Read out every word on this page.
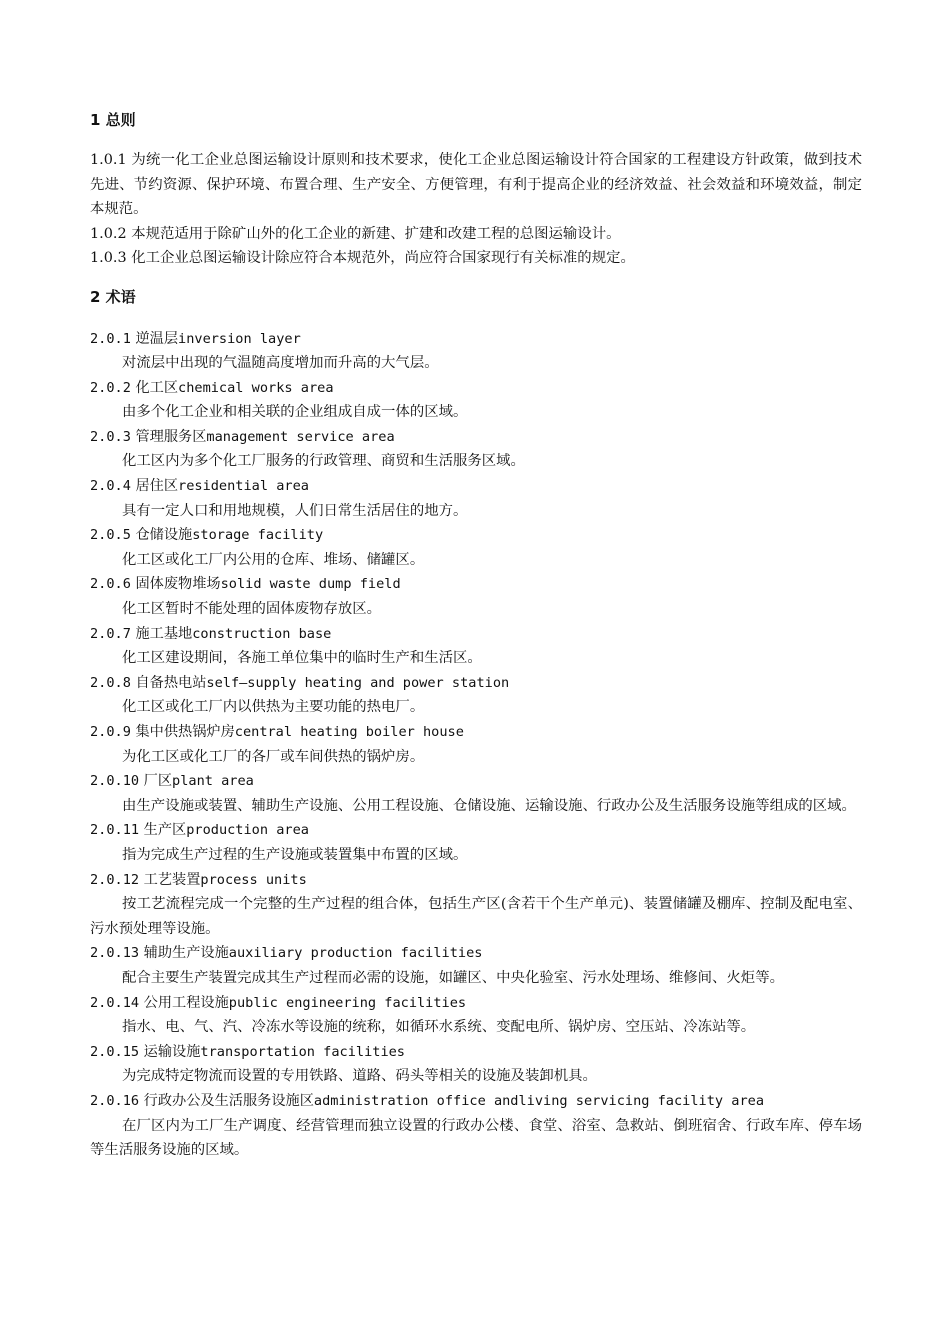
1 总则

1.0.1 为统一化工企业总图运输设计原则和技术要求，使化工企业总图运输设计符合国家的工程建设方针政策，做到技术先进、节约资源、保护环境、布置合理、生产安全、方便管理，有利于提高企业的经济效益、社会效益和环境效益，制定本规范。

1.0.2 本规范适用于除矿山外的化工企业的新建、扩建和改建工程的总图运输设计。

1.0.3 化工企业总图运输设计除应符合本规范外，尚应符合国家现行有关标准的规定。

2 术语

2.0.1 逆温层inversion layer

对流层中出现的气温随高度增加而升高的大气层。

2.0.2 化工区chemical works area

由多个化工企业和相关联的企业组成自成一体的区域。

2.0.3 管理服务区management service area

化工区内为多个化工厂服务的行政管理、商贸和生活服务区域。

2.0.4 居住区residential area

具有一定人口和用地规模，人们日常生活居住的地方。

2.0.5 仓储设施storage facility

化工区或化工厂内公用的仓库、堆场、储罐区。

2.0.6 固体废物堆场solid waste dump field

化工区暂时不能处理的固体废物存放区。

2.0.7 施工基地construction base

化工区建设期间，各施工单位集中的临时生产和生活区。

2.0.8 自备热电站self—supply heating and power station

化工区或化工厂内以供热为主要功能的热电厂。

2.0.9 集中供热锅炉房central heating boiler house

为化工区或化工厂的各厂或车间供热的锅炉房。

2.0.10 厂区plant area

由生产设施或装置、辅助生产设施、公用工程设施、仓储设施、运输设施、行政办公及生活服务设施等组成的区域。

2.0.11 生产区production area

指为完成生产过程的生产设施或装置集中布置的区域。

2.0.12 工艺装置process units

按工艺流程完成一个完整的生产过程的组合体，包括生产区(含若干个生产单元)、装置储罐及棚库、控制及配电室、污水预处理等设施。

2.0.13 辅助生产设施auxiliary production facilities

配合主要生产装置完成其生产过程而必需的设施，如罐区、中央化验室、污水处理场、维修间、火炬等。

2.0.14 公用工程设施public engineering facilities

指水、电、气、汽、冷冻水等设施的统称，如循环水系统、变配电所、锅炉房、空压站、冷冻站等。

2.0.15 运输设施transportation facilities

为完成特定物流而设置的专用铁路、道路、码头等相关的设施及装卸机具。

2.0.16 行政办公及生活服务设施区administration office andliving servicing facility area

在厂区内为工厂生产调度、经营管理而独立设置的行政办公楼、食堂、浴室、急救站、倒班宿舍、行政车库、停车场等生活服务设施的区域。
